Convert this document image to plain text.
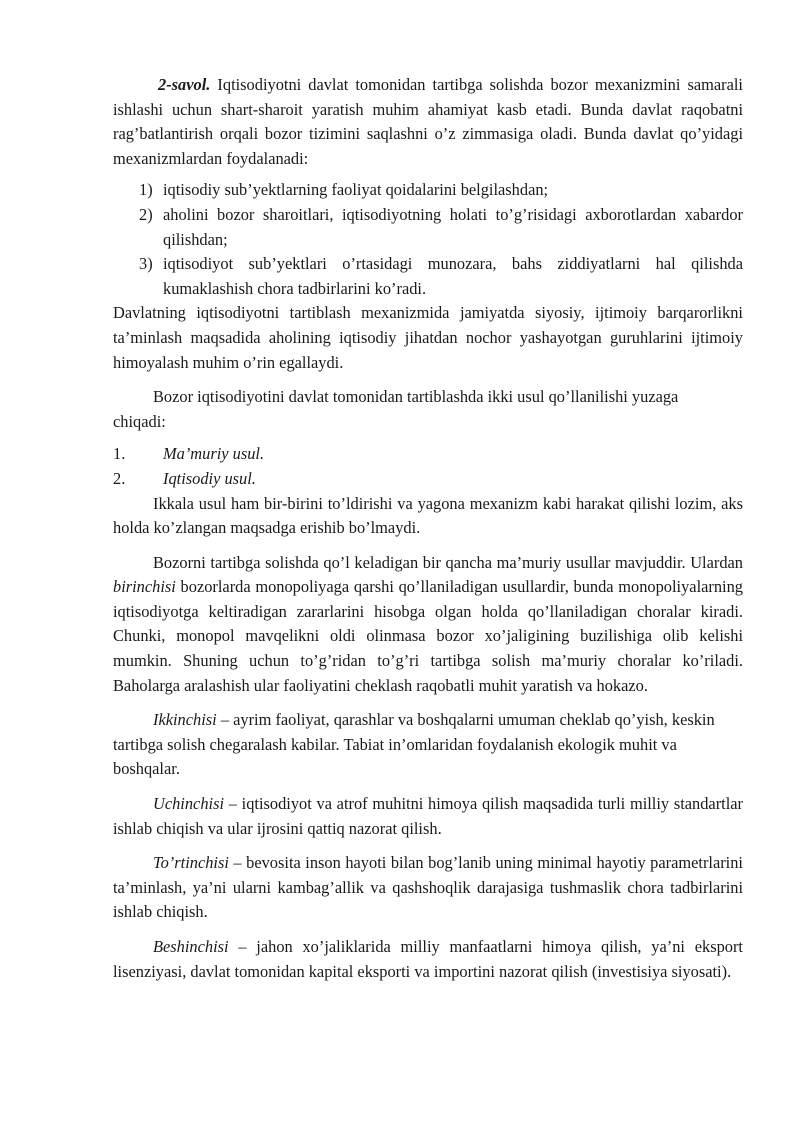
2-savol. Iqtisodiyotni davlat tomonidan tartibga solishda bozor mexanizmini samarali ishlashi uchun shart-sharoit yaratish muhim ahamiyat kasb etadi. Bunda davlat raqobatni rag’batlantirish orqali bozor tizimini saqlashni o’z zimmasiga oladi. Bunda davlat qo’yidagi mexanizmlardan foydalanadi:

1) iqtisodiy sub’yektlarning faoliyat qoidalarini belgilashdan;
2) aholini bozor sharoitlari, iqtisodiyotning holati to’g’risidagi axborotlardan xabardor qilishdan;
3) iqtisodiyot sub’yektlari o’rtasidagi munozara, bahs ziddiyatlarni hal qilishda kumaklashish chora tadbirlarini ko’radi.

Davlatning iqtisodiyotni tartiblash mexanizmida jamiyatda siyosiy, ijtimoiy barqarorlikni ta’minlash maqsadida aholining iqtisodiy jihatdan nochor yashayotgan guruhlarini ijtimoiy himoyalash muhim o’rin egallaydi.

Bozor iqtisodiyotini davlat tomonidan tartiblashda ikki usul qo’llanilishi yuzaga chiqadi:

1. Ma’muriy usul.
2. Iqtisodiy usul.

Ikkala usul ham bir-birini to’ldirishi va yagona mexanizm kabi harakat qilishi lozim, aks holda ko’zlangan maqsadga erishib bo’lmaydi.

Bozorni tartibga solishda qo’l keladigan bir qancha ma’muriy usullar mavjuddir. Ulardan birinchisi bozorlarda monopoliyaga qarshi qo’llaniladigan usullardir, bunda monopoliyalarning iqtisodiyotga keltiradigan zararlarini hisobga olgan holda qo’llaniladigan choralar kiradi. Chunki, monopol mavqelikni oldi olinmasa bozor xo’jaligining buzilishiga olib kelishi mumkin. Shuning uchun to’g’ridan to’g’ri tartibga solish ma’muriy choralar ko’riladi. Baholarga aralashish ular faoliyatini cheklash raqobatli muhit yaratish va hokazo.

Ikkinchisi – ayrim faoliyat, qarashlar va boshqalarni umuman cheklab qo’yish, keskin tartibga solish chegaralash kabilar. Tabiat in’omlaridan foydalanish ekologik muhit va boshqalar.

Uchinchisi – iqtisodiyot va atrof muhitni himoya qilish maqsadida turli milliy standartlar ishlab chiqish va ular ijrosini qattiq nazorat qilish.

To’rtinchisi – bevosita inson hayoti bilan bog’lanib uning minimal hayotiy parametrlarini ta’minlash, ya’ni ularni kambag’allik va qashshoqlik darajasiga tushmaslik chora tadbirlarini ishlab chiqish.

Beshinchisi – jahon xo’jaliklarida milliy manfaatlarni himoya qilish, ya’ni eksport lisenziyasi, davlat tomonidan kapital eksporti va importini nazorat qilish (investisiya siyosati).
